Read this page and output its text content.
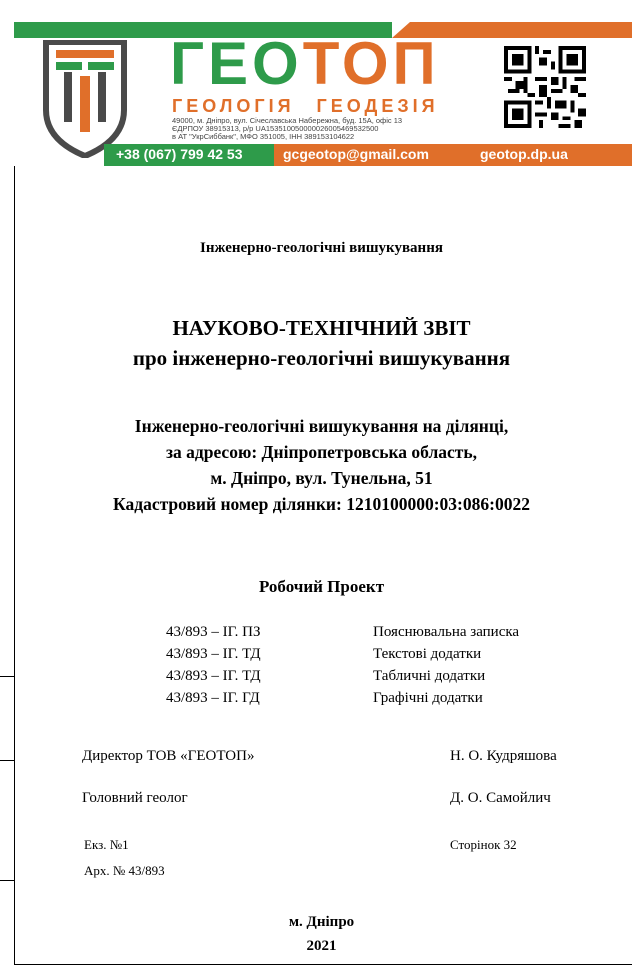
ГЕОТОП
ГЕОЛОГІЯ ГЕОДЕЗІЯ
49000, м. Дніпро, вул. Січеславська Набережна, буд. 15А, офіс 13
ЄДРПОУ 38915313, р/р UA153510050000026005469532500
в АТ "УкрСиббанк", МФО 351005, ІНН 389153104622
+38 (067) 799 42 53	gcgeotop@gmail.com	geotop.dp.ua
Інженерно-геологічні вишукування
НАУКОВО-ТЕХНІЧНИЙ ЗВІТ
про інженерно-геологічні вишукування
Інженерно-геологічні вишукування на ділянці,
за адресою: Дніпропетровська область,
м. Дніпро, вул. Тунельна, 51
Кадастровий номер ділянки: 1210100000:03:086:0022
Робочий Проект
43/893 – ІГ. ПЗ	Пояснювальна записка
43/893 – ІГ. ТД	Текстові додатки
43/893 – ІГ. ТД	Табличні додатки
43/893 – ІГ. ГД	Графічні додатки
Директор ТОВ «ГЕОТОП»	Н. О. Кудряшова
Головний геолог	Д. О. Самойлич
Екз. №1	Сторінок 32
Арх. № 43/893
м. Дніпро
2021
